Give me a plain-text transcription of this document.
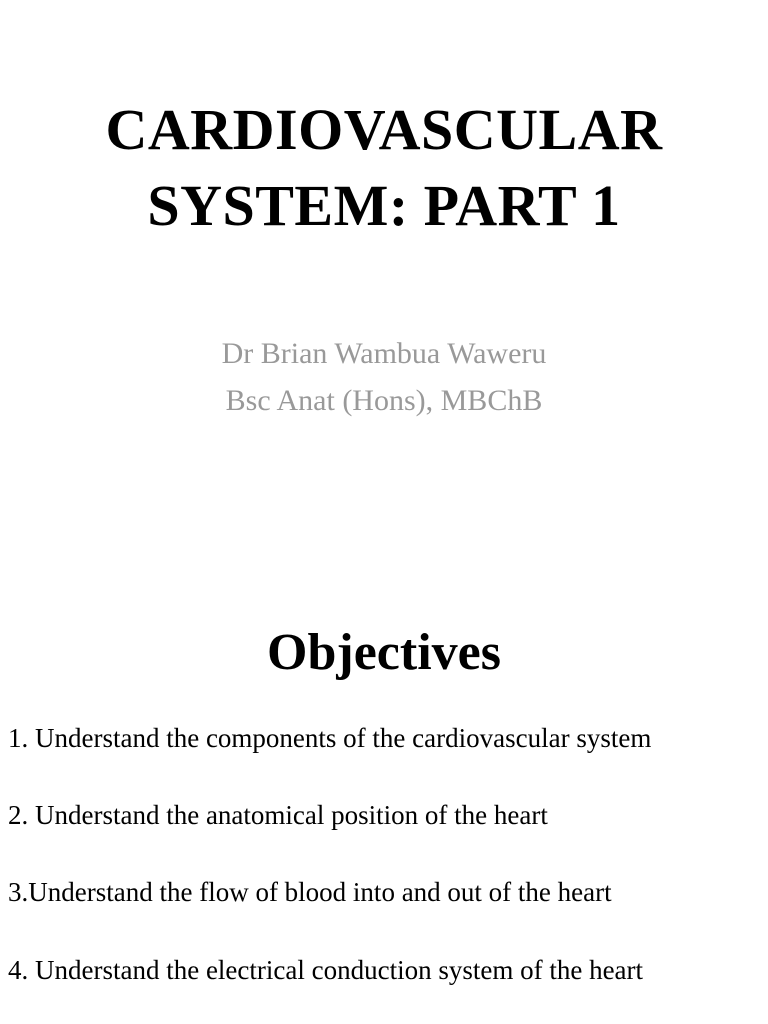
CARDIOVASCULAR
SYSTEM: PART 1

Dr Brian Wambua Waweru

Bsc Anat (Hons), MBChB

Objectives

1. Understand the components of the cardiovascular system

2. Understand the anatomical position of the heart

3.Understand the flow of blood into and out of the heart

4. Understand the electrical conduction system of the heart
